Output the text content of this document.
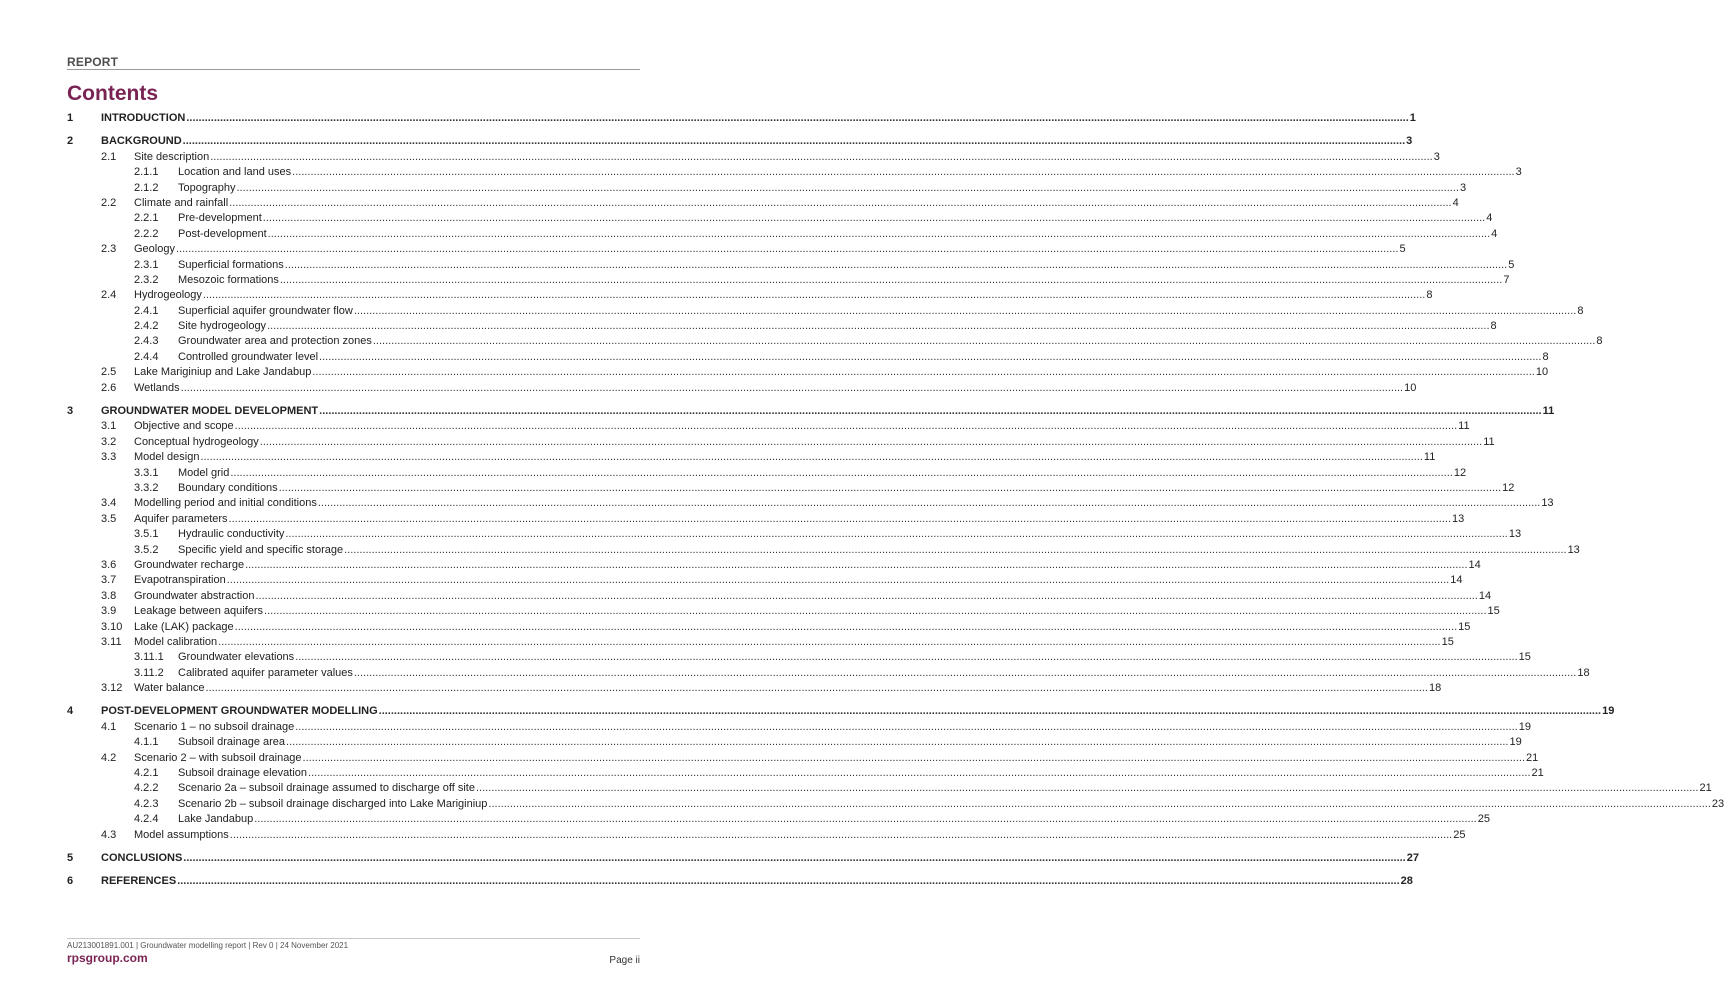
REPORT
Contents
1	INTRODUCTION ................................................................................................................................................................................................................................................................................................................................................................................................................ 1
2	BACKGROUND ................................................................................................................................................................................................................................................................................................................................................................................................................ 3
2.1 Site description ................................................................................................................................................................................................................................................................................................................................................................................................................ 3
2.1.1 Location and land uses ................................................................................................................................................................................................................................................................................................................................................................................................................ 3
2.1.2 Topography ................................................................................................................................................................................................................................................................................................................................................................................................................ 3
2.2 Climate and rainfall ................................................................................................................................................................................................................................................................................................................................................................................................................ 4
2.2.1 Pre-development ................................................................................................................................................................................................................................................................................................................................................................................................................ 4
2.2.2 Post-development ................................................................................................................................................................................................................................................................................................................................................................................................................ 4
2.3 Geology ................................................................................................................................................................................................................................................................................................................................................................................................................ 5
2.3.1 Superficial formations ................................................................................................................................................................................................................................................................................................................................................................................................................ 5
2.3.2 Mesozoic formations ................................................................................................................................................................................................................................................................................................................................................................................................................ 7
2.4 Hydrogeology ................................................................................................................................................................................................................................................................................................................................................................................................................ 8
2.4.1 Superficial aquifer groundwater flow ................................................................................................................................................................................................................................................................................................................................................................................................................ 8
2.4.2 Site hydrogeology ................................................................................................................................................................................................................................................................................................................................................................................................................ 8
2.4.3 Groundwater area and protection zones ................................................................................................................................................................................................................................................................................................................................................................................................................ 8
2.4.4 Controlled groundwater level ................................................................................................................................................................................................................................................................................................................................................................................................................ 8
2.5 Lake Mariginiup and Lake Jandabup ................................................................................................................................................................................................................................................................................................................................................................................................................ 10
2.6 Wetlands ................................................................................................................................................................................................................................................................................................................................................................................................................ 10
3	GROUNDWATER MODEL DEVELOPMENT ................................................................................................................................................................................................................................................................................................................................................................................................................ 11
3.1 Objective and scope ................................................................................................................................................................................................................................................................................................................................................................................................................ 11
3.2 Conceptual hydrogeology ................................................................................................................................................................................................................................................................................................................................................................................................................ 11
3.3 Model design ................................................................................................................................................................................................................................................................................................................................................................................................................ 11
3.3.1 Model grid ................................................................................................................................................................................................................................................................................................................................................................................................................ 12
3.3.2 Boundary conditions ................................................................................................................................................................................................................................................................................................................................................................................................................ 12
3.4 Modelling period and initial conditions ................................................................................................................................................................................................................................................................................................................................................................................................................ 13
3.5 Aquifer parameters ................................................................................................................................................................................................................................................................................................................................................................................................................ 13
3.5.1 Hydraulic conductivity ................................................................................................................................................................................................................................................................................................................................................................................................................ 13
3.5.2 Specific yield and specific storage ................................................................................................................................................................................................................................................................................................................................................................................................................ 13
3.6 Groundwater recharge ................................................................................................................................................................................................................................................................................................................................................................................................................ 14
3.7 Evapotranspiration ................................................................................................................................................................................................................................................................................................................................................................................................................ 14
3.8 Groundwater abstraction ................................................................................................................................................................................................................................................................................................................................................................................................................ 14
3.9 Leakage between aquifers ................................................................................................................................................................................................................................................................................................................................................................................................................ 15
3.10 Lake (LAK) package ................................................................................................................................................................................................................................................................................................................................................................................................................ 15
3.11 Model calibration ................................................................................................................................................................................................................................................................................................................................................................................................................ 15
3.11.1 Groundwater elevations ................................................................................................................................................................................................................................................................................................................................................................................................................ 15
3.11.2 Calibrated aquifer parameter values ................................................................................................................................................................................................................................................................................................................................................................................................................ 18
3.12 Water balance ................................................................................................................................................................................................................................................................................................................................................................................................................ 18
4	POST-DEVELOPMENT GROUNDWATER MODELLING ................................................................................................................................................................................................................................................................................................................................................................................................................ 19
4.1 Scenario 1 – no subsoil drainage ................................................................................................................................................................................................................................................................................................................................................................................................................ 19
4.1.1 Subsoil drainage area ................................................................................................................................................................................................................................................................................................................................................................................................................ 19
4.2 Scenario 2 – with subsoil drainage ................................................................................................................................................................................................................................................................................................................................................................................................................ 21
4.2.1 Subsoil drainage elevation ................................................................................................................................................................................................................................................................................................................................................................................................................ 21
4.2.2 Scenario 2a – subsoil drainage assumed to discharge off site ................................................................................................................................................................................................................................................................................................................................................................................................................ 21
4.2.3 Scenario 2b – subsoil drainage discharged into Lake Mariginiup ................................................................................................................................................................................................................................................................................................................................................................................................................ 23
4.2.4 Lake Jandabup ................................................................................................................................................................................................................................................................................................................................................................................................................ 25
4.3 Model assumptions ................................................................................................................................................................................................................................................................................................................................................................................................................ 25
5	CONCLUSIONS ................................................................................................................................................................................................................................................................................................................................................................................................................ 27
6	REFERENCES ................................................................................................................................................................................................................................................................................................................................................................................................................ 28
AU213001891.001 | Groundwater modelling report | Rev 0 | 24 November 2021
rpsgroup.com	Page ii
